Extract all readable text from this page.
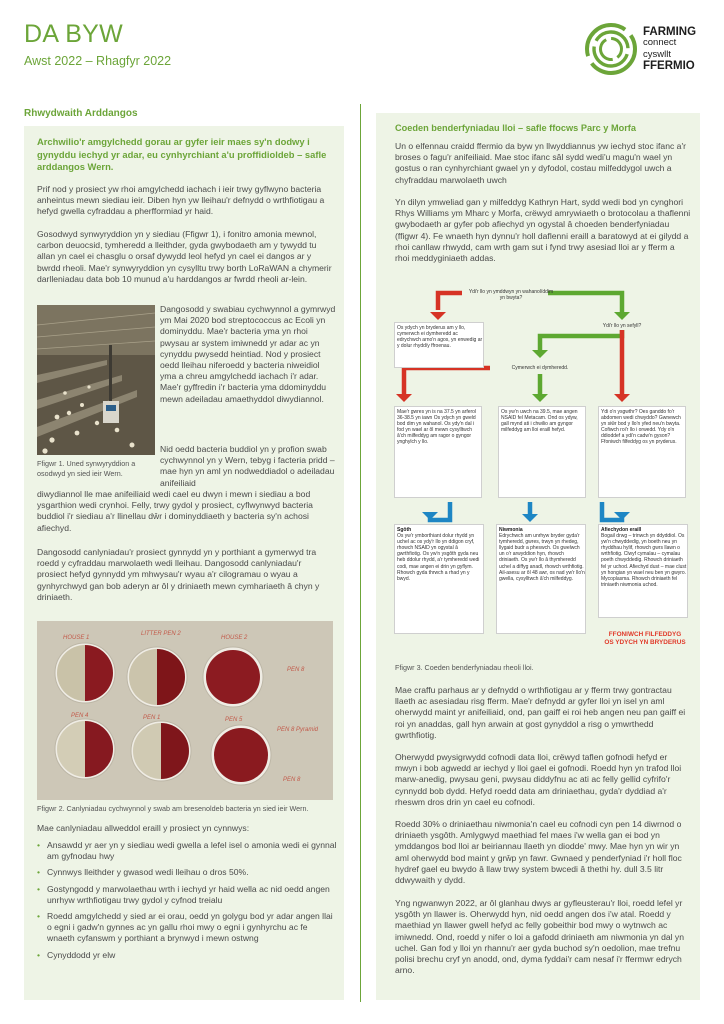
DA BYW
Awst 2022 – Rhagfyr 2022
FARMING
connect
cyswllt
FFERMIO
Rhwydwaith Arddangos
Archwilio'r amgylchedd gorau ar gyfer ieir maes sy'n dodwy i gynyddu iechyd yr adar, eu cynhyrchiant a'u proffidioldeb – safle arddangos Wern.
Prif nod y prosiect yw rhoi amgylchedd iachach i ieir trwy gyflwyno bacteria anheintus mewn siediau ieir. Diben hyn yw lleihau'r defnydd o wrthfiotigau a hefyd gwella cyfraddau a pherfformiad yr haid.
Gosodwyd synwyryddion yn y siediau (Ffigwr 1), i fonitro amonia mewnol, carbon deuocsid, tymheredd a lleithder, gyda gwybodaeth am y tywydd tu allan yn cael ei chasglu o orsaf dywydd leol hefyd yn cael ei dangos ar y bwrdd rheoli. Mae'r synwyryddion yn cysylltu trwy borth LoRaWAN a chymerir darlleniadau data bob 10 munud a'u harddangos ar fwrdd rheoli ar-lein.
Dangosodd y swabiau cychwynnol a gymrwyd ym Mai 2020 bod streptococcus ac Ecoli yn dominyddu. Mae'r bacteria yma yn rhoi pwysau ar system imiwnedd yr adar ac yn cynyddu pwysedd heintiad. Nod y prosiect oedd lleihau niferoedd y bacteria niweidiol yma a chreu amgylchedd iachach i'r adar. Mae'r gyffredin i'r bacteria yma ddominyddu mewn adeiladau amaethyddol diwydiannol.
Nid oedd bacteria buddiol yn y profion swab cychwynnol yn y Wern, tebyg i facteria pridd – mae hyn yn aml yn nodweddiadol o adeiladau anifeiliaid
Ffigwr 1. Uned synwyryddion a osodwyd yn sied ieir Wern.
diwydiannol lle mae anifeiliaid wedi cael eu dwyn i mewn i siediau a bod ysgarthion wedi crynhoi. Felly, trwy gydol y prosiect, cyflwynwyd bacteria buddiol i'r siediau a'r llinellau dŵr i dominyddiaeth y bacteria sy'n achosi afiechyd.
Dangosodd canlyniadau'r prosiect gynnydd yn y porthiant a gymerwyd tra roedd y cyfraddau marwolaeth wedi lleihau. Dangosodd canlyniadau'r prosiect hefyd gynnydd ym mhwysau'r wyau a'r cilogramau o wyau a gynhyrchwyd gan bob aderyn ar ôl y driniaeth mewn cymhariaeth â chyn y driniaeth.
HOUSE 1
LITTER PEN 2
HOUSE 2
PEN 4	PEN 1	PEN 5
PEN 8
PEN 8 Pyramid
PEN 8
Ffigwr 2. Canlyniadau cychwynnol y swab am bresenoldeb bacteria yn sied ieir Wern.
Mae canlyniadau allweddol eraill y prosiect yn cynnwys:
• Ansawdd yr aer yn y siediau wedi gwella a lefel isel o amonia wedi ei gynnal am gyfnodau hwy
• Cynnwys lleithder y gwasod wedi lleihau o dros 50%.
• Gostyngodd y marwolaethau wrth i iechyd yr haid wella ac nid oedd angen unrhyw wrthfiotigau trwy gydol y cyfnod treialu
• Roedd amgylchedd y sied ar ei orau, oedd yn golygu bod yr adar angen llai o egni i gadw'n gynnes ac yn gallu rhoi mwy o egni i gynhyrchu ac fe wnaeth cyfanswm y porthiant a brynwyd i mewn ostwng
• Cynyddodd yr elw
Coeden benderfyniadau lloi – safle ffocws Parc y Morfa
Un o elfennau craidd ffermio da byw yn llwyddiannus yw iechyd stoc ifanc a'r broses o fagu'r anifeiliaid. Mae stoc ifanc sâl sydd wedi'u magu'n wael yn gostus o ran cynhyrchiant gwael yn y dyfodol, costau milfeddygol uwch a chyfraddau marwolaeth uwch
Yn dilyn ymweliad gan y milfeddyg Kathryn Hart, sydd wedi bod yn cynghori Rhys Williams ym Mharc y Morfa, crëwyd amrywiaeth o brotocolau a thaflenni gwybodaeth ar gyfer pob afiechyd yn ogystal â choeden benderfyniadau (ffigwr 4). Fe wnaeth hyn dynnu'r holl daflenni eraill a baratowyd at ei gilydd a rhoi canllaw rhwydd, cam wrth gam sut i fynd trwy asesiad lloi ar y fferm a rhoi meddyginiaeth addas.
Ydi'r llo yn ymddwyn yn wahanol/ddim yn bwyta?
Ydi'r llo yn sefyll?
Cymerwch ei dymheredd.
Os ydych yn bryderus am y llo, cymerwch ei dymheredd ac edrychwch arno'n agos, yn enwedig ar y dolur rhydd/y ffroenau.
Mae'r gwres yn is na 37.5 yn arferol 36-38.5 yn iawn Os ydych yn gweld bod dim yn wahanol. Os ydy'n dal i fod yn wael ar ôl mewn cysylltwch â'ch milfeddyg am ragor o gyngor ynghylch y llo.
Os yw'n uwch na 39.5, mae angen NSAID fel Metacam. Ond os ydyw, gall mynd ati i chwilio am gyngor milfeddyg am lloi eraill hefyd.
Ydi o'n ysgwthr? Oes ganddo fo'r abdomen wedi chwyddo? Gwnewch yn siŵr bod y llo'n yfed neu'n bwyta. Cofiwch roi'r llo i orwedd. Ydy o'n ddioddef a ydi'n cadw'n gyson? Ffoniwch filfeddyg os yn pryderus.
Sgôth
Os yw'r ymborthiant dolur rhydd yn uchel ac os ydy'r llo yn ddigon cryf, rhowch NSAID yn ogystal â gwrthfiotig. Os yw'n ysgôth gyda neu heb ddolur rhydd, a'r tymheredd wedi codi, mae angen ei drin yn gyflym. Rhowch gyda thrwch a rhad yn y bwyd.
Niwmonia
Edrychwch am unrhyw bryder gyda'r tymheredd, gwres, trwyn yn rhedeg, llygaid budr a pheswch. Os gwelwch un o'r arwyddion hyn, rhowch driniaeth. Os yw'r llo â thymheredd uchel a diffyg anadl, rhowch wrthfiotig. Ail-asesu ar ôl 48 awr, os nad yw'r llo'n gwella, cysylltwch â'ch milfeddyg.
Afiechydon eraill
Bogail drwg – trinwch yn ddyddiol. Os yw'n chwyddedig, yn boeth neu yn rhyddhau hylif, rhowch gwrs llawn o wrthfiotig. Clwyf cymalau – cymalau poeth chwyddedig. Rhowch driniaeth fel yr uchod. Afiechyd dust – mae clust yn hongian yn wael neu ben yn gwyro. Mycoplasma. Rhowch driniaeth fel triniaeth niwmonia uchod.
FFONIWCH FILFEDDYG OS YDYCH YN BRYDERUS
Ffigwr 3. Coeden benderfyniadau rheoli lloi.
Mae craffu parhaus ar y defnydd o wrthfiotigau ar y fferm trwy gontractau llaeth ac asesiadau risg fferm. Mae'r defnydd ar gyfer lloi yn isel yn aml oherwydd maint yr anifeiliaid, ond, pan gaiff ei roi heb angen neu pan gaiff ei roi yn anaddas, gall hyn arwain at gost gynyddol a risg o ymwrthedd gwrthfiotig.
Oherwydd pwysigrwydd cofnodi data lloi, crëwyd taflen gofnodi hefyd er mwyn i bob agwedd ar iechyd y lloi gael ei gofnodi. Roedd hyn yn trafod lloi marw-anedig, pwysau geni, pwysau diddyfnu ac ati ac felly gellid cyfrifo'r cynnydd bob dydd. Hefyd roedd data am driniaethau, gyda'r dyddiad a'r rheswm dros drin yn cael eu cofnodi.
Roedd 30% o driniaethau niwmonia'n cael eu cofnodi cyn pen 14 diwrnod o driniaeth ysgôth. Amlygwyd maethiad fel maes i'w wella gan ei bod yn ymddangos bod lloi ar beiriannau llaeth yn diodde' mwy. Mae hyn yn wir yn aml oherwydd bod maint y grŵp yn fawr. Gwnaed y penderfyniad i'r holl floc hydref gael eu bwydo â llaw trwy system bwcedi â thethi hy. dull 3.5 litr ddwywaith y dydd.
Yng ngwanwyn 2022, ar ôl glanhau dwys ar gyfleusterau'r lloi, roedd lefel yr ysgôth yn llawer is. Oherwydd hyn, nid oedd angen dos i'w atal. Roedd y maethiad yn llawer gwell hefyd ac felly gobeithir bod mwy o wytnwch ac imiwnedd. Ond, roedd y nifer o loi a gafodd driniaeth am niwmonia yn dal yn uchel. Gan fod y lloi yn rhannu'r aer gyda buchod sy'n oedolion, mae trefnu polisi brechu cryf yn anodd, ond, dyma fyddai'r cam nesaf i'r ffermwr edrych arno.
